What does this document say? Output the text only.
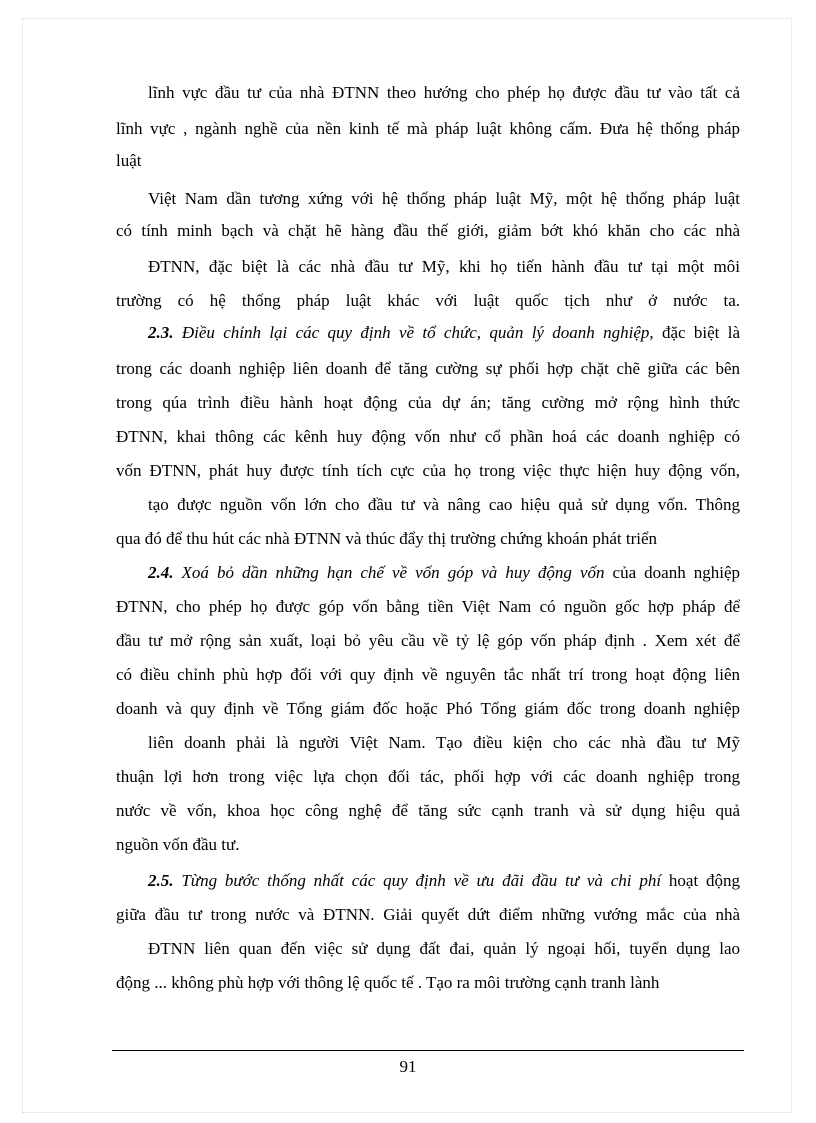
lĩnh vực đầu tư của nhà ĐTNN theo hướng cho phép họ được đầu tư vào tất cả
lĩnh vực , ngành nghề của nền kinh tế mà pháp luật không cấm. Đưa hệ thống pháp
luật
Việt Nam dần tương xứng với hệ thống pháp luật Mỹ, một hệ thống pháp luật
có tính minh bạch và chặt hẽ hàng đầu thế giới, giảm bớt khó khăn cho các nhà
ĐTNN, đặc biệt là các nhà đầu tư Mỹ, khi họ tiến hành đầu tư tại một môi
trường có hệ thống pháp luật khác với luật quốc tịch như ở nước ta.
2.3. Điều chỉnh lại các quy định về tổ chức, quản lý doanh nghiệp, đặc biệt là
trong các doanh nghiệp liên doanh để tăng cường sự phối hợp chặt chẽ giữa các bên
trong qúa trình điều hành hoạt động của dự án; tăng cường mở rộng hình thức
ĐTNN, khai thông các kênh huy động vốn như cổ phần hoá các doanh nghiệp có
vốn ĐTNN, phát huy được tính tích cực của họ trong việc thực hiện huy động vốn,
tạo được nguồn vốn lớn cho đầu tư và nâng cao hiệu quả sử dụng vốn. Thông
qua đó để thu hút các nhà ĐTNN và thúc đẩy thị trường chứng khoán phát triển
2.4. Xoá bỏ dần những hạn chế về vốn góp và huy động vốn của doanh nghiệp
ĐTNN, cho phép họ được góp vốn bằng tiền Việt Nam có nguồn gốc hợp pháp để
đầu tư mở rộng sản xuất, loại bỏ yêu cầu về tỷ lệ góp vốn pháp định . Xem xét để
có điều chỉnh phù hợp đối với quy định về nguyên tắc nhất trí trong hoạt động liên
doanh và quy định về Tổng giám đốc hoặc Phó Tổng giám đốc trong doanh nghiệp
liên doanh phải là người Việt Nam. Tạo điều kiện cho các nhà đầu tư Mỹ
thuận lợi hơn trong việc lựa chọn đối tác, phối hợp với các doanh nghiệp trong
nước về vốn, khoa học công nghệ để tăng sức cạnh tranh và sử dụng hiệu quả
nguồn vốn đầu tư.
2.5. Từng bước thống nhất các quy định về ưu đãi đầu tư và chi phí hoạt động
giữa đầu tư trong nước và ĐTNN. Giải quyết dứt điểm những vướng mắc của nhà
ĐTNN liên quan đến việc sử dụng đất đai, quản lý ngoại hối, tuyển dụng lao
động ... không phù hợp với thông lệ quốc tế . Tạo ra môi trường cạnh tranh lành
91
